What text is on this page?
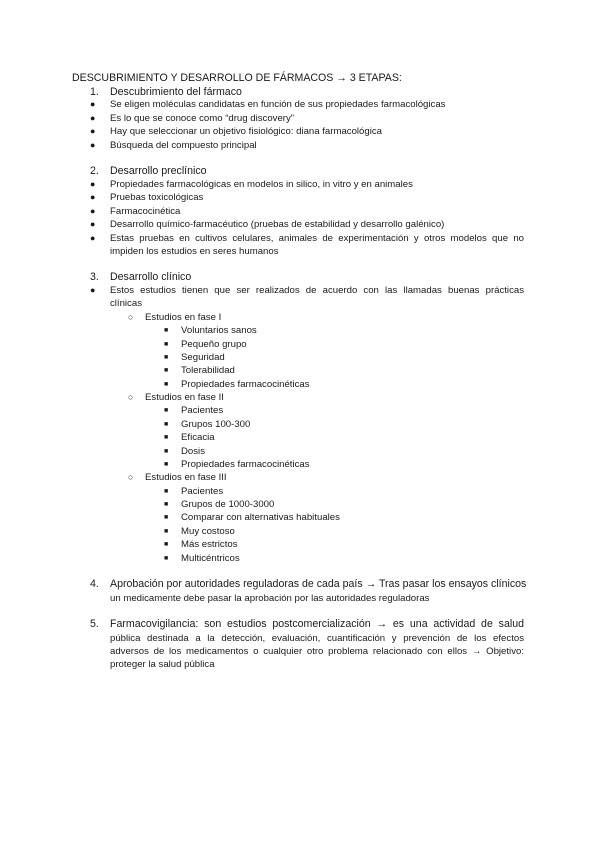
DESCUBRIMIENTO Y DESARROLLO DE FÁRMACOS → 3 ETAPAS:
1. Descubrimiento del fármaco
● Se eligen moléculas candidatas en función de sus propiedades farmacológicas
● Es lo que se conoce como “drug discovery”
● Hay que seleccionar un objetivo fisiológico: diana farmacológica
● Búsqueda del compuesto principal
2. Desarrollo preclínico
● Propiedades farmacológicas en modelos in silico, in vitro y en animales
● Pruebas toxicológicas
● Farmacocinética
● Desarrollo químico-farmacéutico (pruebas de estabilidad y desarrollo galénico)
● Estas pruebas en cultivos celulares, animales de experimentación y otros modelos que no
impiden los estudios en seres humanos
3. Desarrollo clínico
● Estos estudios tienen que ser realizados de acuerdo con las llamadas buenas prácticas
clínicas
○ Estudios en fase I
■ Voluntarios sanos
■ Pequeño grupo
■ Seguridad
■ Tolerabilidad
■ Propiedades farmacocinéticas
○ Estudios en fase II
■ Pacientes
■ Grupos 100-300
■ Eficacia
■ Dosis
■ Propiedades farmacocinéticas
○ Estudios en fase III
■ Pacientes
■ Grupos de 1000-3000
■ Comparar con alternativas habituales
■ Muy costoso
■ Más estrictos
■ Multicéntricos
4. Aprobación por autoridades reguladoras de cada país → Tras pasar los ensayos clínicos
un medicamente debe pasar la aprobación por las autoridades reguladoras
5. Farmacovigilancia: son estudios postcomercialización → es una actividad de salud
pública destinada a la detección, evaluación, cuantificación y prevención de los efectos
adversos de los medicamentos o cualquier otro problema relacionado con ellos → Objetivo:
proteger la salud pública
